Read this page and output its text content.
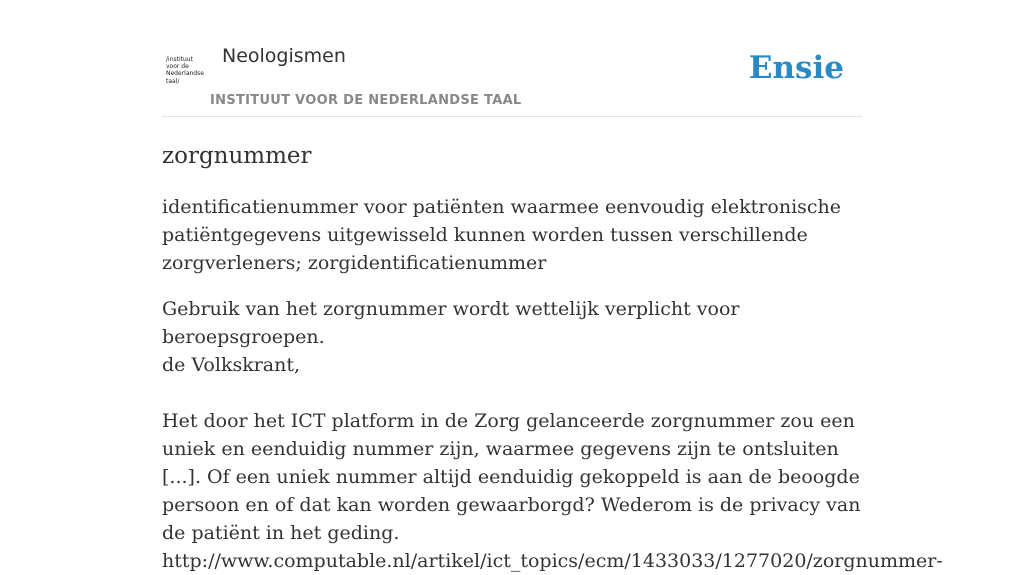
/instituut
voor de
Nederlandse
taal/
Neologismen
INSTITUUT VOOR DE NEDERLANDSE TAAL
Ensie
zorgnummer

identificatienummer voor patiënten waarmee eenvoudig elektronische patiëntgegevens uitgewisseld kunnen worden tussen verschillende zorgverleners; zorgidentificatienummer

Gebruik van het zorgnummer wordt wettelijk verplicht voor beroepsgroepen.

de Volkskrant,

Het door het ICT platform in de Zorg gelanceerde zorgnummer zou een uniek en eenduidig nummer zijn, waarmee gegevens zijn te ontsluiten [...]. Of een uniek nummer altijd eenduidig gekoppeld is aan de beoogde persoon en of dat kan worden gewaarborgd? Wederom is de privacy van de patiënt in het geding.

http://www.computable.nl/artikel/ict_topics/ecm/1433033/1277020/zorgnummer-
